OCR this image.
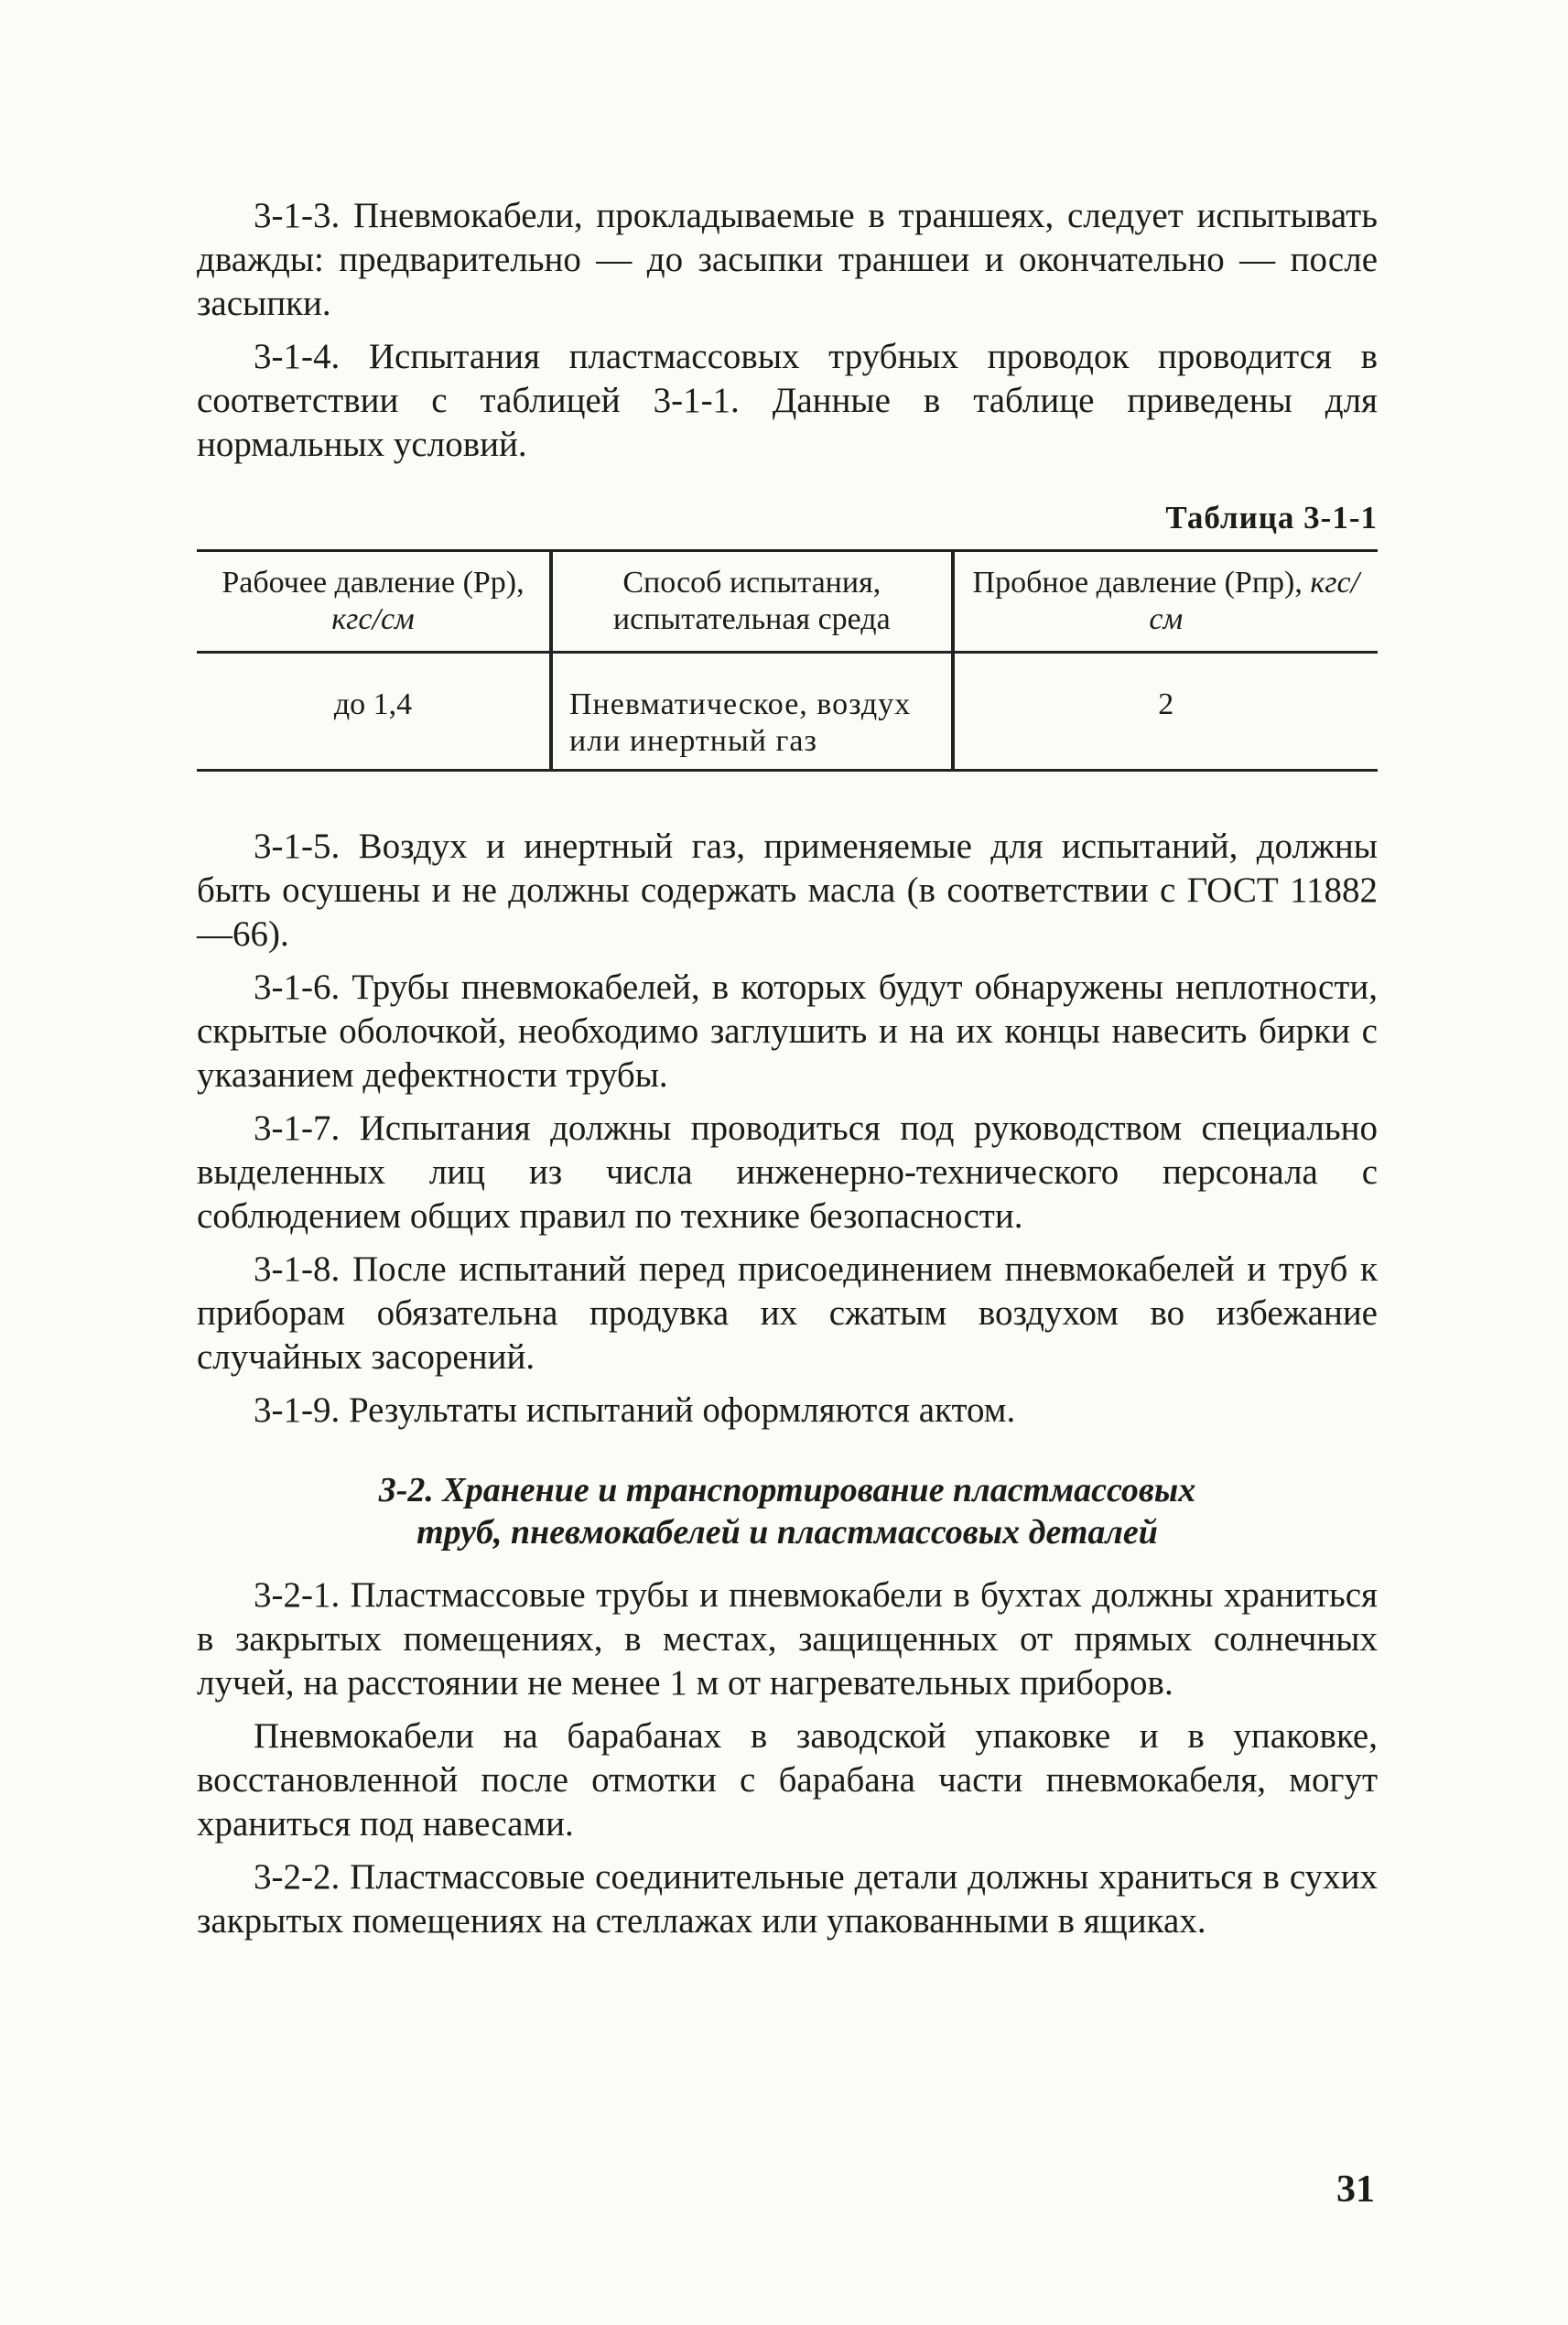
3-1-3. Пневмокабели, прокладываемые в траншеях, следует испытывать дважды: предварительно — до засыпки траншеи и окончательно — после засыпки.

3-1-4. Испытания пластмассовых трубных проводок проводится в соответствии с таблицей 3-1-1. Данные в таблице приведены для нормальных условий.

Таблица 3-1-1
Рабочее давление (Рр), кгс/см	Способ испытания, испытательная среда	Пробное давление (Рпр), кгс/см
до 1,4	Пневматическое, воздух или инертный газ	2

3-1-5. Воздух и инертный газ, применяемые для испытаний, должны быть осушены и не должны содержать масла (в соответствии с ГОСТ 11882—66).

3-1-6. Трубы пневмокабелей, в которых будут обнаружены неплотности, скрытые оболочкой, необходимо заглушить и на их концы навесить бирки с указанием дефектности трубы.

3-1-7. Испытания должны проводиться под руководством специально выделенных лиц из числа инженерно-технического персонала с соблюдением общих правил по технике безопасности.

3-1-8. После испытаний перед присоединением пневмокабелей и труб к приборам обязательна продувка их сжатым воздухом во избежание случайных засорений.

3-1-9. Результаты испытаний оформляются актом.

3-2. Хранение и транспортирование пластмассовых
труб, пневмокабелей и пластмассовых деталей

3-2-1. Пластмассовые трубы и пневмокабели в бухтах должны храниться в закрытых помещениях, в местах, защищенных от прямых солнечных лучей, на расстоянии не менее 1 м от нагревательных приборов.

Пневмокабели на барабанах в заводской упаковке и в упаковке, восстановленной после отмотки с барабана части пневмокабеля, могут храниться под навесами.

3-2-2. Пластмассовые соединительные детали должны храниться в сухих закрытых помещениях на стеллажах или упакованными в ящиках.

31
